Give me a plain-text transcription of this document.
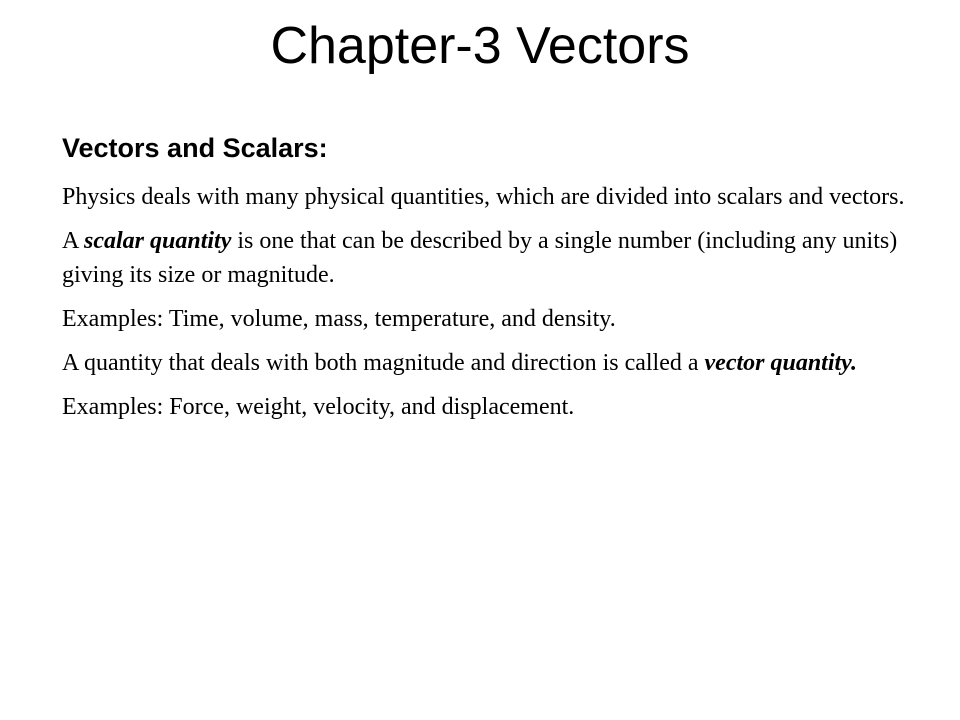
Chapter-3 Vectors
Vectors and Scalars:

Physics deals with many physical quantities, which are divided into scalars and vectors.

A scalar quantity is one that can be described by a single number (including any units) giving its size or magnitude.

Examples: Time, volume, mass, temperature, and density.

A quantity that deals with both magnitude and direction is called a vector quantity.

Examples: Force, weight, velocity, and displacement.
